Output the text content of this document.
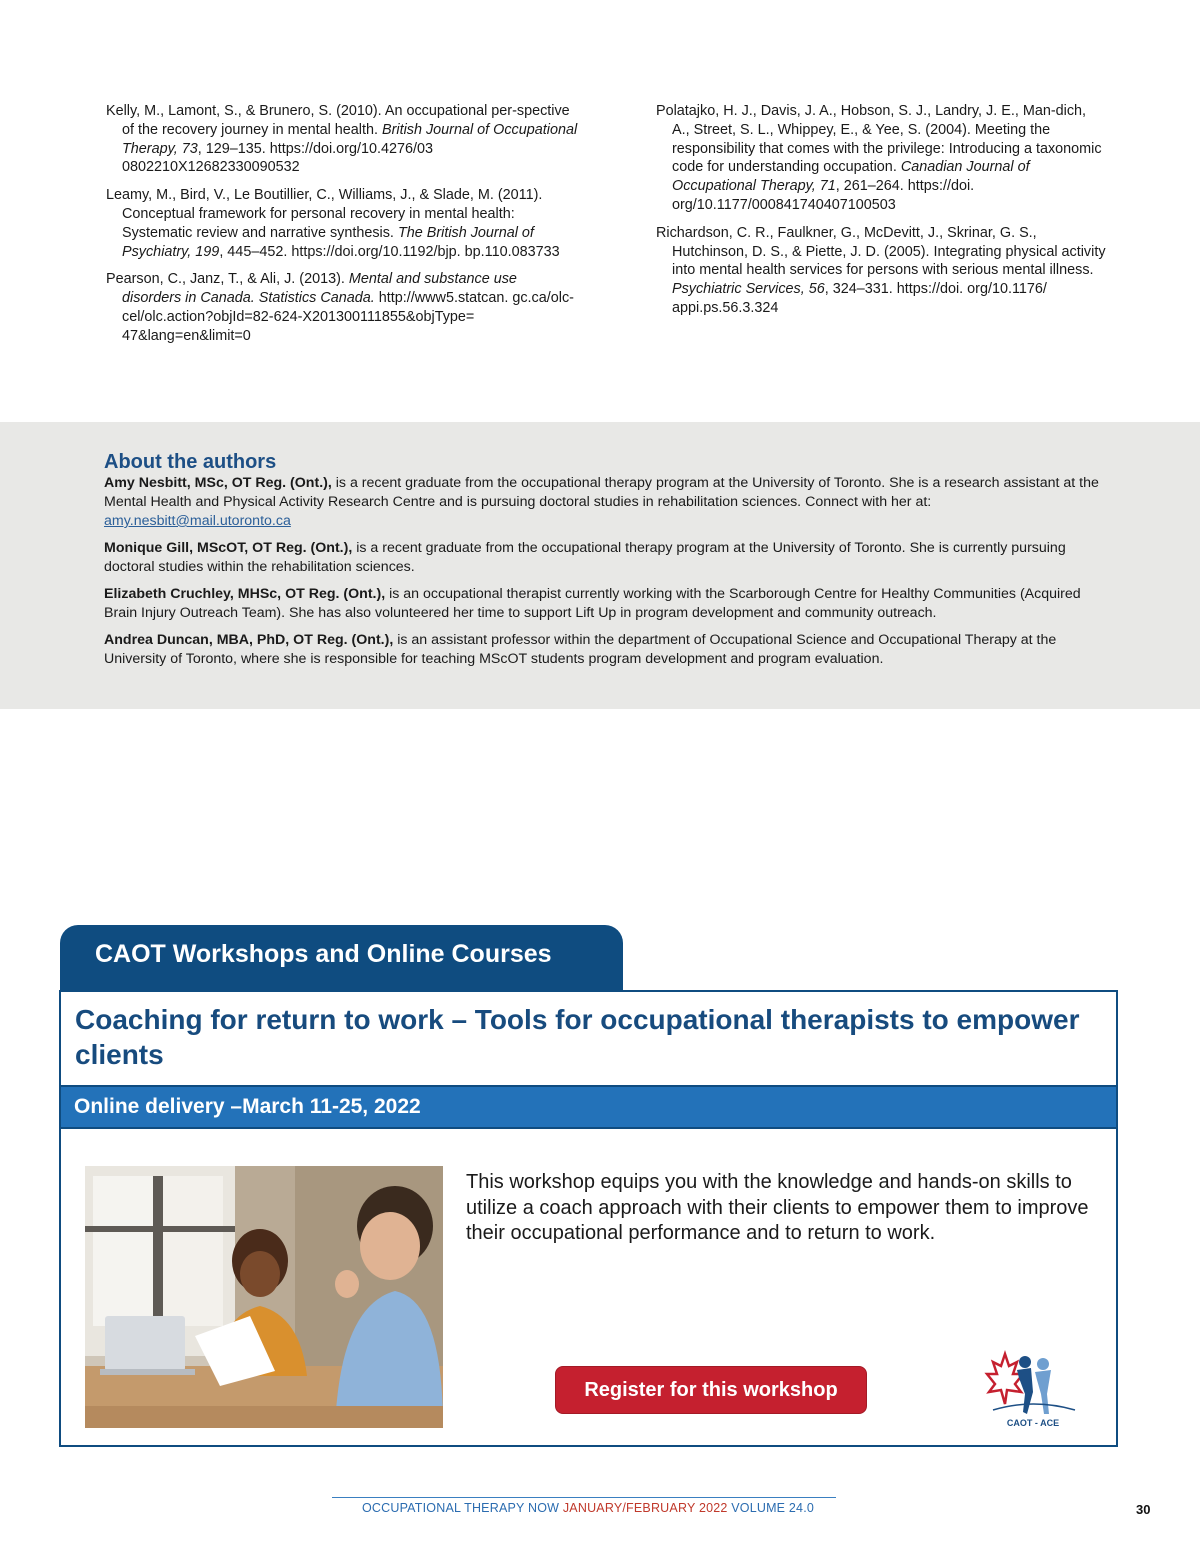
Kelly, M., Lamont, S., & Brunero, S. (2010). An occupational per-spective of the recovery journey in mental health. British Journal of Occupational Therapy, 73, 129–135. https://doi.org/10.4276/03 0802210X12682330090532

Leamy, M., Bird, V., Le Boutillier, C., Williams, J., & Slade, M. (2011). Conceptual framework for personal recovery in mental health: Systematic review and narrative synthesis. The British Journal of Psychiatry, 199, 445–452. https://doi.org/10.1192/bjp. bp.110.083733

Pearson, C., Janz, T., & Ali, J. (2013). Mental and substance use disorders in Canada. Statistics Canada. http://www5.statcan. gc.ca/olc-cel/olc.action?objId=82-624-X201300111855&objType= 47&lang=en&limit=0

Polatajko, H. J., Davis, J. A., Hobson, S. J., Landry, J. E., Man-dich, A., Street, S. L., Whippey, E., & Yee, S. (2004). Meeting the responsibility that comes with the privilege: Introducing a taxonomic code for understanding occupation. Canadian Journal of Occupational Therapy, 71, 261–264. https://doi. org/10.1177/000841740407100503

Richardson, C. R., Faulkner, G., McDevitt, J., Skrinar, G. S., Hutchinson, D. S., & Piette, J. D. (2005). Integrating physical activity into mental health services for persons with serious mental illness. Psychiatric Services, 56, 324–331. https://doi. org/10.1176/ appi.ps.56.3.324

About the authors

Amy Nesbitt, MSc, OT Reg. (Ont.), is a recent graduate from the occupational therapy program at the University of Toronto. She is a research assistant at the Mental Health and Physical Activity Research Centre and is pursuing doctoral studies in rehabilitation sciences. Connect with her at: amy.nesbitt@mail.utoronto.ca

Monique Gill, MScOT, OT Reg. (Ont.), is a recent graduate from the occupational therapy program at the University of Toronto. She is currently pursuing doctoral studies within the rehabilitation sciences.

Elizabeth Cruchley, MHSc, OT Reg. (Ont.), is an occupational therapist currently working with the Scarborough Centre for Healthy Communities (Acquired Brain Injury Outreach Team). She has also volunteered her time to support Lift Up in program development and community outreach.

Andrea Duncan, MBA, PhD, OT Reg. (Ont.), is an assistant professor within the department of Occupational Science and Occupational Therapy at the University of Toronto, where she is responsible for teaching MScOT students program development and program evaluation.

CAOT Workshops and Online Courses
Coaching for return to work – Tools for occupational therapists to empower clients
Online delivery –March 11-25, 2022
This workshop equips you with the knowledge and hands-on skills to utilize a coach approach with their clients to empower them to improve their occupational performance and to return to work.
Register for this workshop
CAOT - ACE
OCCUPATIONAL THERAPY NOW JANUARY/FEBRUARY 2022 VOLUME 24.0	30
